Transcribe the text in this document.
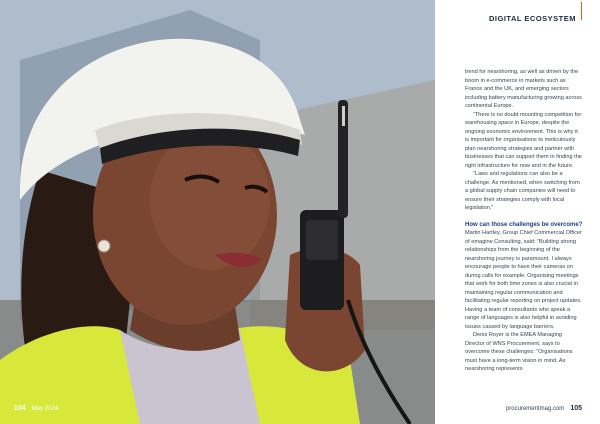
104 May 2024
DIGITAL ECOSYSTEM

trend for nearshoring, as well as driven by the boom in e-commerce in markets such as France and the UK, and emerging sectors including battery manufacturing growing across continental Europe.

“There is no doubt mounting competition for warehousing space in Europe, despite the ongoing economic environment. This is why it is important for organisations to meticulously plan nearshoring strategies and partner with businesses that can support them in finding the right infrastructure for now and in the future.

“Laws and regulations can also be a challenge. As mentioned, when switching from a global supply chain companies will need to ensure their strategies comply with local legislation.”

How can those challenges be overcome?

Martin Hartley, Group Chief Commercial Officer of emagine Consulting, said: “Building strong relationships from the beginning of the nearshoring journey is paramount. I always encourage people to have their cameras on during calls for example. Organising meetings that work for both time zones is also crucial in maintaining regular communication and facilitating regular reporting on project updates. Having a team of consultants who speak a range of languages is also helpful in avoiding issues caused by language barriers.

Denis Royer is the EMEA Managing Director of WNS Procurement, says to overcome these challenges: “Organisations must have a long-term vision in mind. As nearshoring represents

procurementmag.com 105
